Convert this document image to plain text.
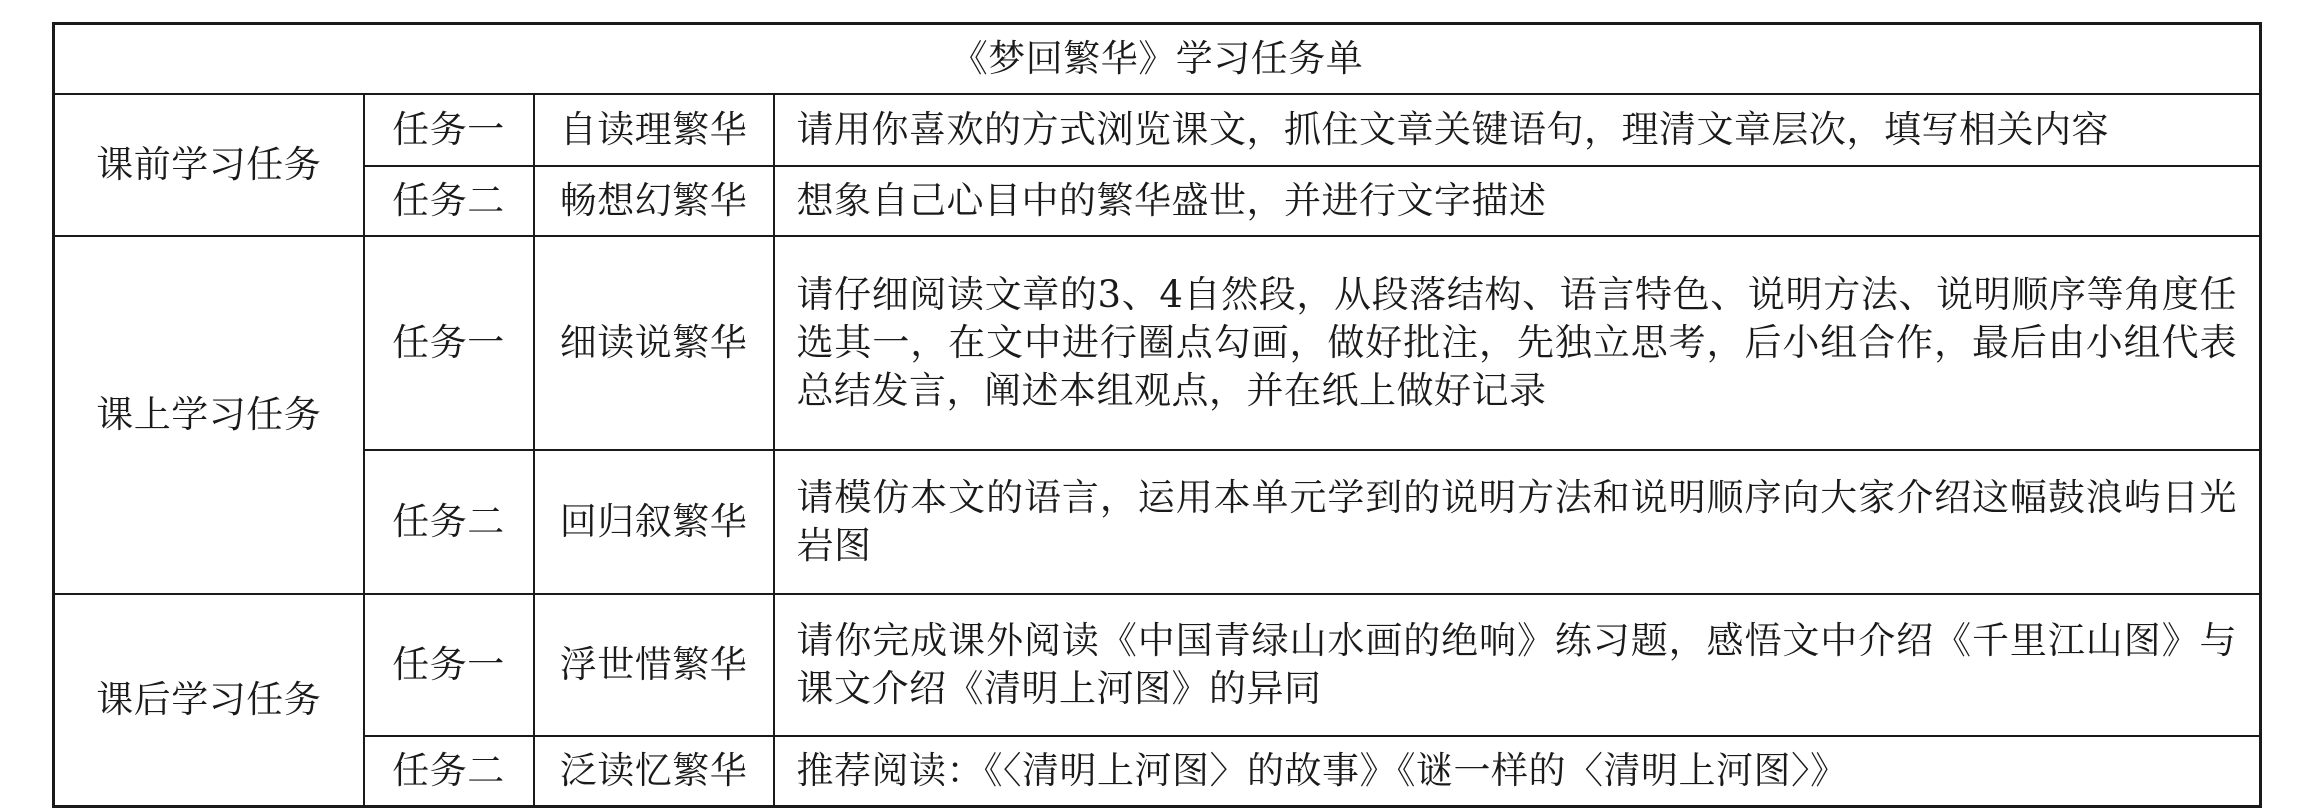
《梦回繁华》学习任务单			
课前学习任务	任务一	自读理繁华	请用你喜欢的方式浏览课文，抓住文章关键语句，理清文章层次，填写相关内容
	任务二	畅想幻繁华	想象自己心目中的繁华盛世，并进行文字描述
课上学习任务	任务一	细读说繁华	请仔细阅读文章的3、4自然段，从段落结构、语言特色、说明方法、说明顺序等角度任选其一，在文中进行圈点勾画，做好批注，先独立思考，后小组合作，最后由小组代表总结发言，阐述本组观点，并在纸上做好记录
	任务二	回归叙繁华	请模仿本文的语言，运用本单元学到的说明方法和说明顺序向大家介绍这幅鼓浪屿日光岩图
课后学习任务	任务一	浮世惜繁华	请你完成课外阅读《中国青绿山水画的绝响》练习题，感悟文中介绍《千里江山图》与课文介绍《清明上河图》的异同
	任务二	泛读忆繁华	推荐阅读：《〈清明上河图〉的故事》《谜一样的〈清明上河图〉》
